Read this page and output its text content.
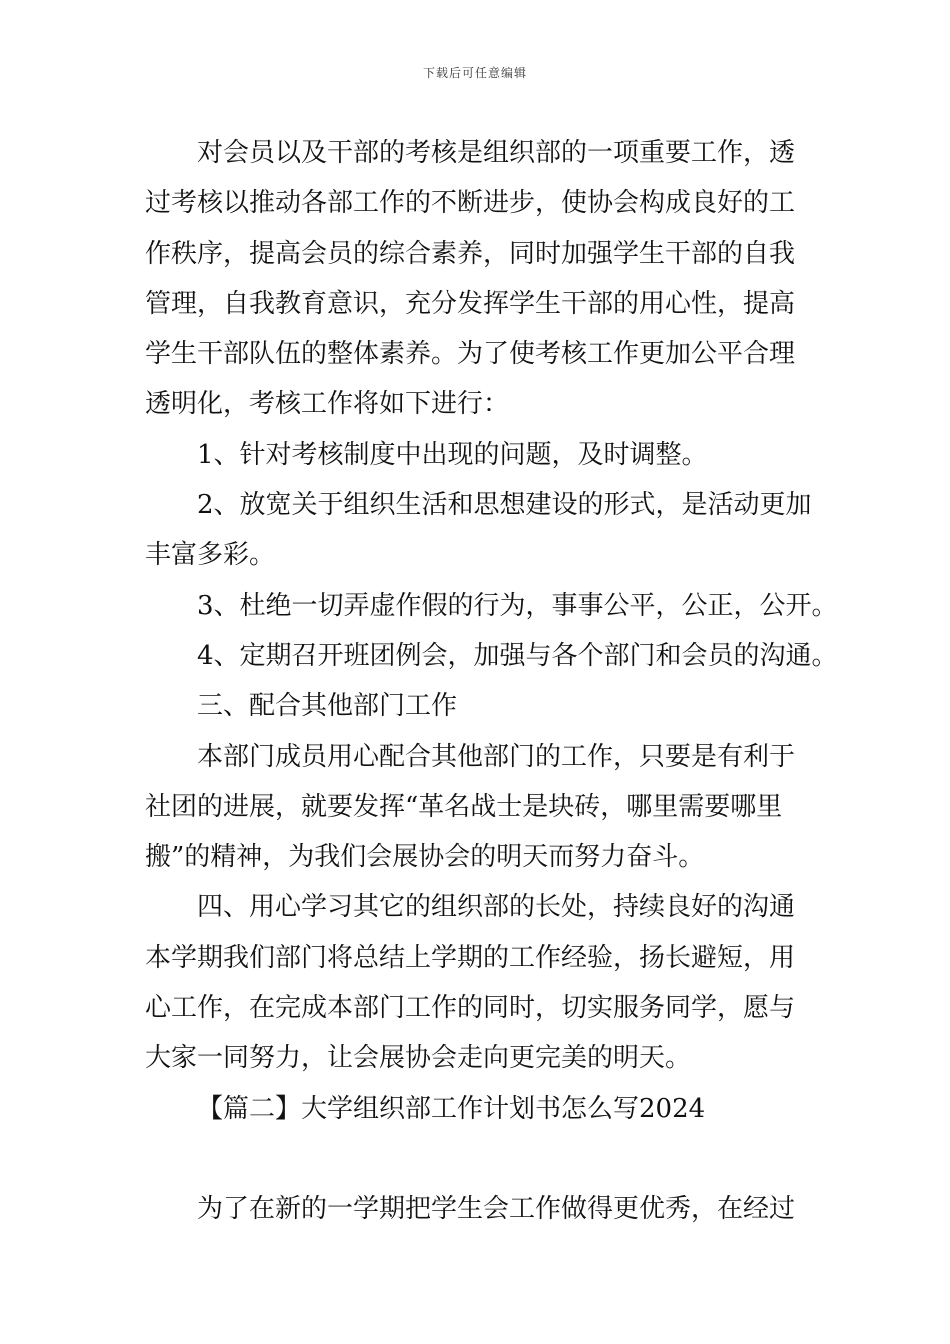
下载后可任意编辑
对会员以及干部的考核是组织部的一项重要工作，透
过考核以推动各部工作的不断进步，使协会构成良好的工
作秩序，提高会员的综合素养，同时加强学生干部的自我
管理，自我教育意识，充分发挥学生干部的用心性，提高
学生干部队伍的整体素养。为了使考核工作更加公平合理
透明化，考核工作将如下进行：
1、针对考核制度中出现的问题，及时调整。
2、放宽关于组织生活和思想建设的形式，是活动更加
丰富多彩。
3、杜绝一切弄虚作假的行为，事事公平，公正，公开。
4、定期召开班团例会，加强与各个部门和会员的沟通。
三、配合其他部门工作
本部门成员用心配合其他部门的工作，只要是有利于
社团的进展，就要发挥“革名战士是块砖，哪里需要哪里
搬”的精神，为我们会展协会的明天而努力奋斗。
四、用心学习其它的组织部的长处，持续良好的沟通
本学期我们部门将总结上学期的工作经验，扬长避短，用
心工作，在完成本部门工作的同时，切实服务同学，愿与
大家一同努力，让会展协会走向更完美的明天。
【篇二】大学组织部工作计划书怎么写2024
为了在新的一学期把学生会工作做得更优秀，在经过
